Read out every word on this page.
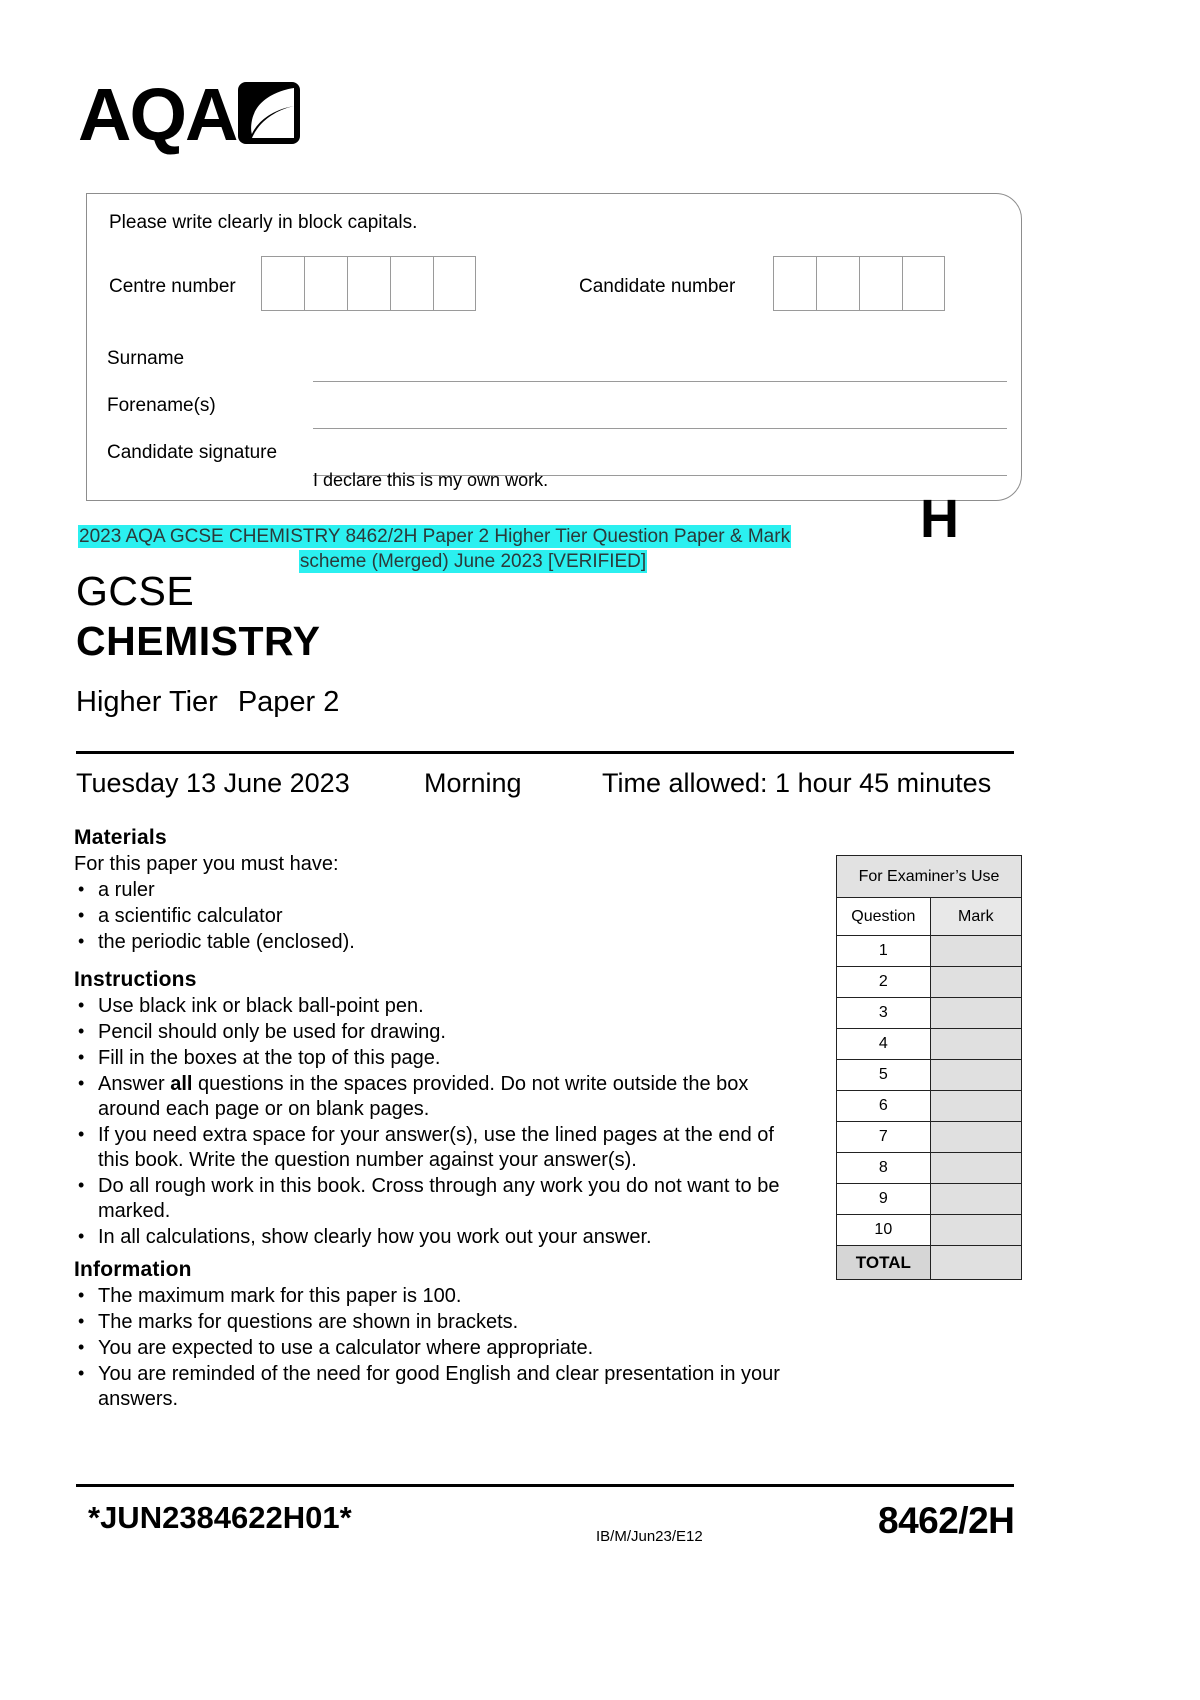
AQA
Please write clearly in block capitals.
Centre number	Candidate number
Surname
Forename(s)
Candidate signature
I declare this is my own work.
H
2023 AQA GCSE CHEMISTRY 8462/2H Paper 2 Higher Tier Question Paper & Mark
scheme (Merged) June 2023 [VERIFIED]
GCSE
CHEMISTRY
Higher Tier Paper 2
Tuesday 13 June 2023	Morning	Time allowed: 1 hour 45 minutes

Materials

For this paper you must have:

• a ruler
• a scientific calculator
• the periodic table (enclosed).

Instructions

• Use black ink or black ball-point pen.
• Pencil should only be used for drawing.
• Fill in the boxes at the top of this page.
• Answer all questions in the spaces provided. Do not write outside the box around each page or on blank pages.
• If you need extra space for your answer(s), use the lined pages at the end of this book. Write the question number against your answer(s).
• Do all rough work in this book. Cross through any work you do not want to be marked.
• In all calculations, show clearly how you work out your answer.

Information

• The maximum mark for this paper is 100.
• The marks for questions are shown in brackets.
• You are expected to use a calculator where appropriate.
• You are reminded of the need for good English and clear presentation in your answers.
For Examiner’s Use	
Question	Mark
1	
2	
3	
4	
5	
6	
7	
8	
9	
10	
TOTAL	
*JUN2384622H01*
IB/M/Jun23/E12	8462/2H
